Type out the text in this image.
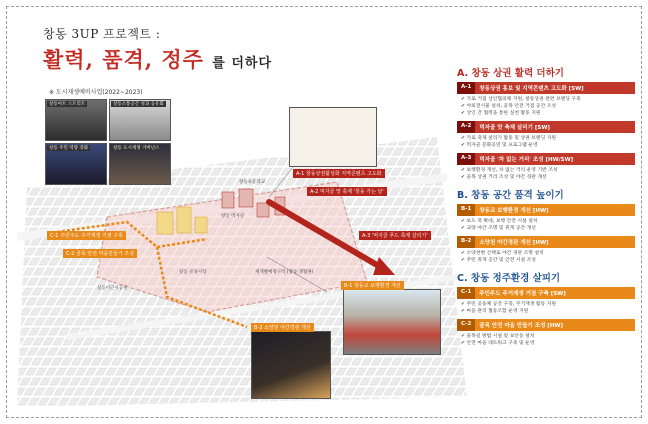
창동 3UP 프로젝트 :
활력, 품격, 정주 를 더하다
※ 도시재생예비사업(2022~2023)
창동아트 스트리트	창동소통공간 성과 공유회
창동 주민 역량 강화	창동 도시재생 거버넌스
A-1 창동상권활성화 지역콘텐츠 고도화
A-2 먹자골 맛 축제 '창동 가는 날'
A-3 '먹자골 푸드 축제 살리기'
B-1 창동교 보행환경 개선
B-2 소양천 야간경관 개선
C-1 주민주도 주거재생 거점 구축
C-2 골목 안전 마을만들기 조성
창동초등학교
창동 먹자골
재개발예정구역 (창동 생활권)
창동어린이공원
창동 골목시장
A. 창동 상권 활력 더하기
A-1	창동상권 홍보 및 지역콘텐츠 고도화 [SW]
✔ 가로 거점 상인협의체 지원, 창동상권 관련 브랜딩 구축
✔ 야외전시물 설치, 골목 안전 거점 공간 조성
✔ 상인 간 협력을 통한 실천 활동 지원
A-2	먹자골 맛 축제 살리기 [SW]
✔ 가로 축제 살리기 활동 및 상권 브랜딩 지원
✔ 먹자골 문화공연 및 프로그램 운영
A-3	먹자골 '차 없는 거리' 조성 [HW/SW]
✔ 보행환경 개선, 차 없는 거리 운영 기반 조성
✔ 골목 상권 거리 조성 및 야간 경관 개선
B. 창동 공간 품격 높이기
B-1	창동교 보행환경 개선 [HW]
✔ 보도 폭 확대, 보행 안전 시설 설치
✔ 교량 야간 조명 및 휴게 공간 개선
B-2	소양천 야간경관 개선 [HW]
✔ 소양천변 산책로 야간 경관 조명 설치
✔ 주민 휴게 공간 및 안전 시설 조성
C. 창동 정주환경 살피기
C-1	주민주도 주거재생 거점 구축 [SW]
✔ 주민 공동체 공간 구축, 주거재생 활동 지원
✔ 마을 관리 협동조합 운영 지원
C-2	골목 안전 마을 만들기 조성 [HW]
✔ 골목길 방범 시설 및 보안등 설치
✔ 안전 마을 네트워크 구축 및 운영
